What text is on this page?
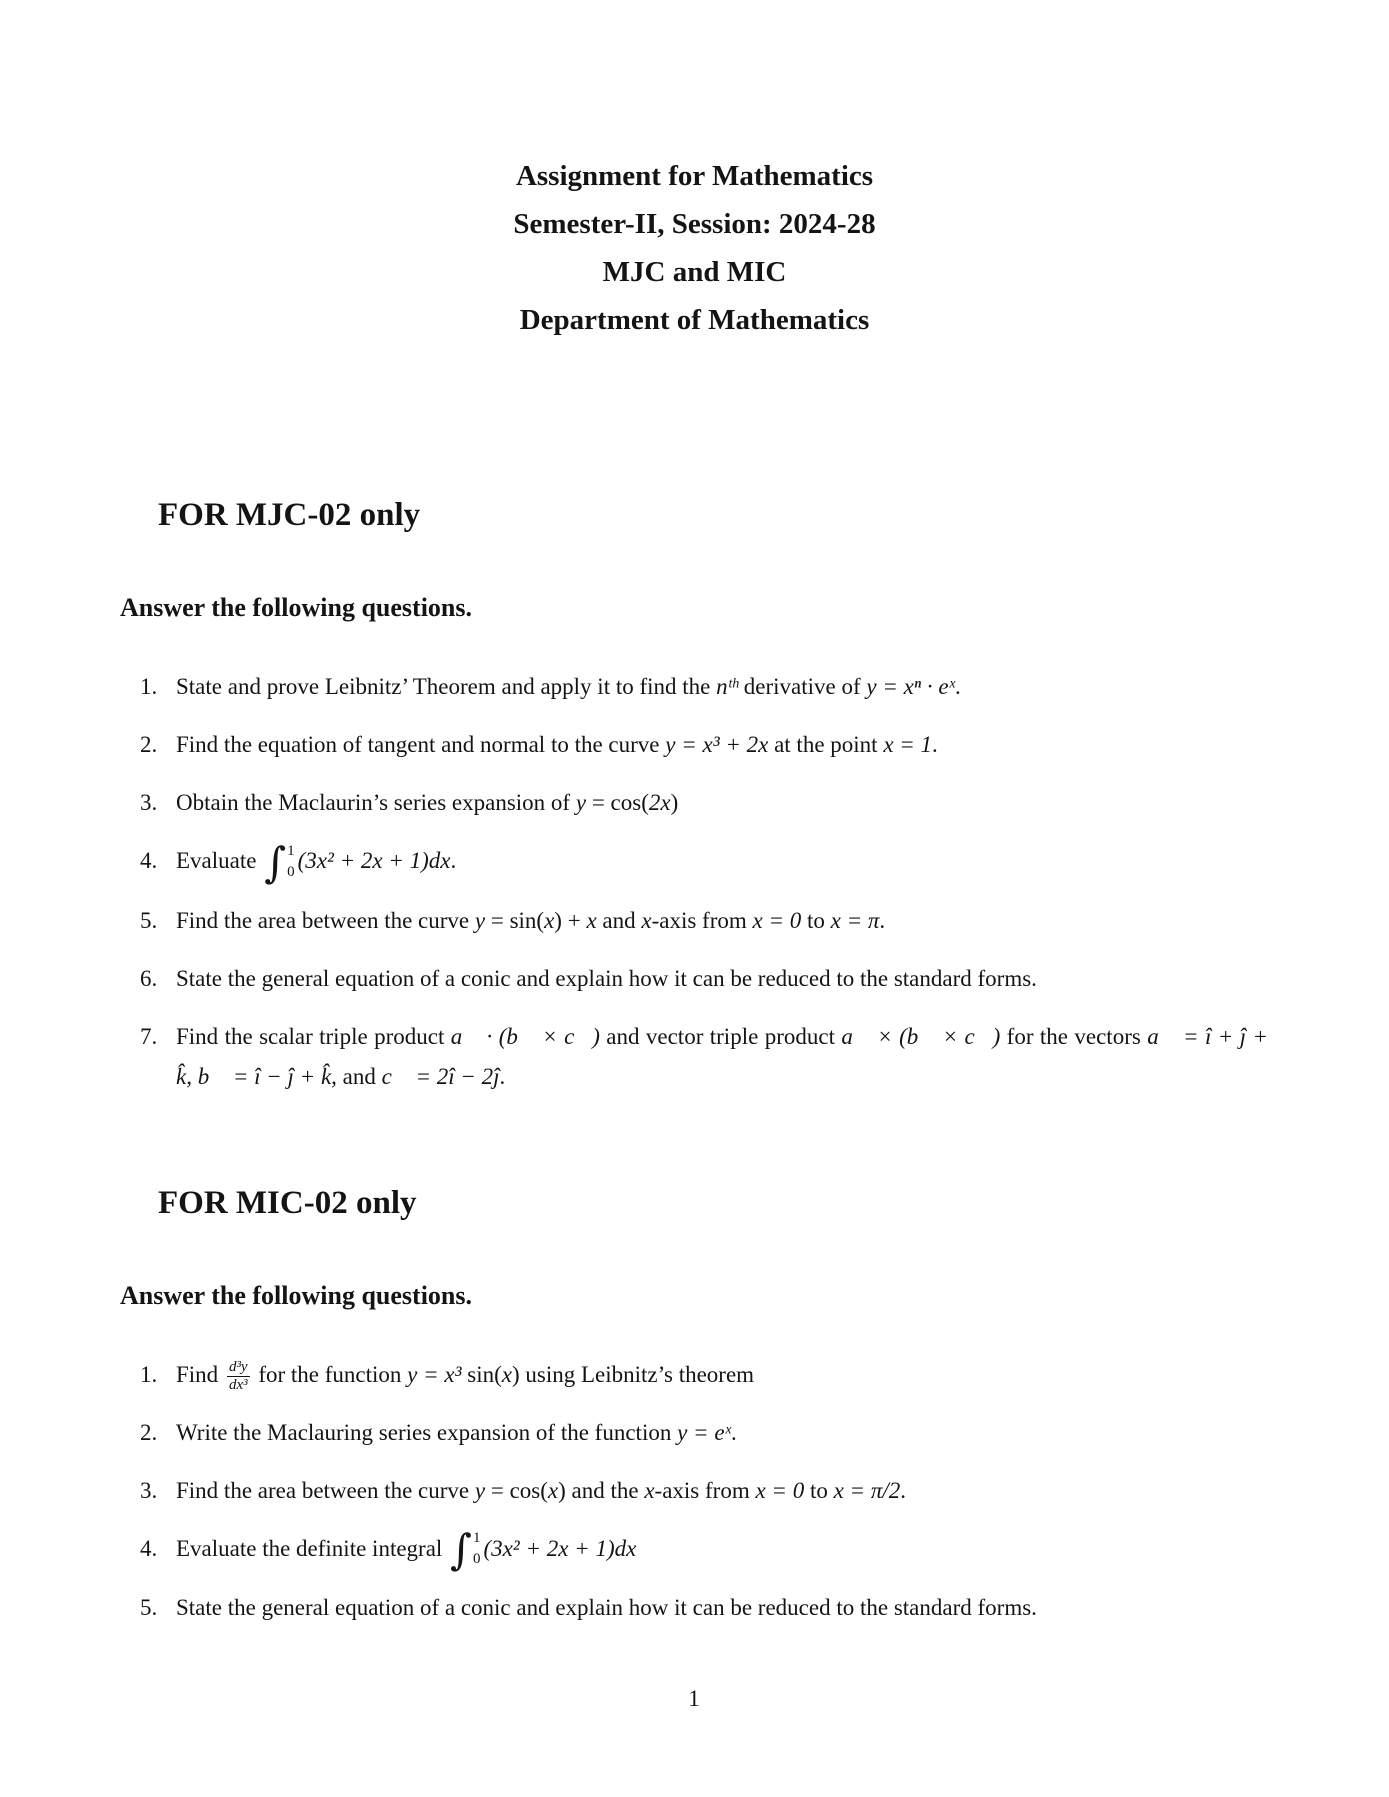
Assignment for Mathematics
Semester-II, Session: 2024-28
MJC and MIC
Department of Mathematics
FOR MJC-02 only
Answer the following questions.
1. State and prove Leibnitz’ Theorem and apply it to find the nᵗʰ derivative of y = xⁿ · eˣ.
2. Find the equation of tangent and normal to the curve y = x³ + 2x at the point x = 1.
3. Obtain the Maclaurin’s series expansion of y = cos(2x)
4. Evaluate ∫ 1
0 (3x² + 2x + 1)dx.
5. Find the area between the curve y = sin(x) + x and x-axis from x = 0 to x = π.
6. State the general equation of a conic and explain how it can be reduced to the standard forms.
7. Find the scalar triple product a⃗ · (b⃗ × c⃗) and vector triple product a⃗ × (b⃗ × c⃗) for the vectors a⃗ = î + ĵ + k̂, b⃗ = î − ĵ + k̂, and c⃗ = 2î − 2ĵ.
FOR MIC-02 only
Answer the following questions.
1. Find $\frac{\text{d³y}}{\text{dx³}}$ for the function y = x³ sin(x) using Leibnitz’s theorem
2. Write the Maclauring series expansion of the function y = eˣ.
3. Find the area between the curve y = cos(x) and the x-axis from x = 0 to x = π/2.
4. Evaluate the definite integral ∫ 1
0 (3x² + 2x + 1)dx
5. State the general equation of a conic and explain how it can be reduced to the standard forms.
1
